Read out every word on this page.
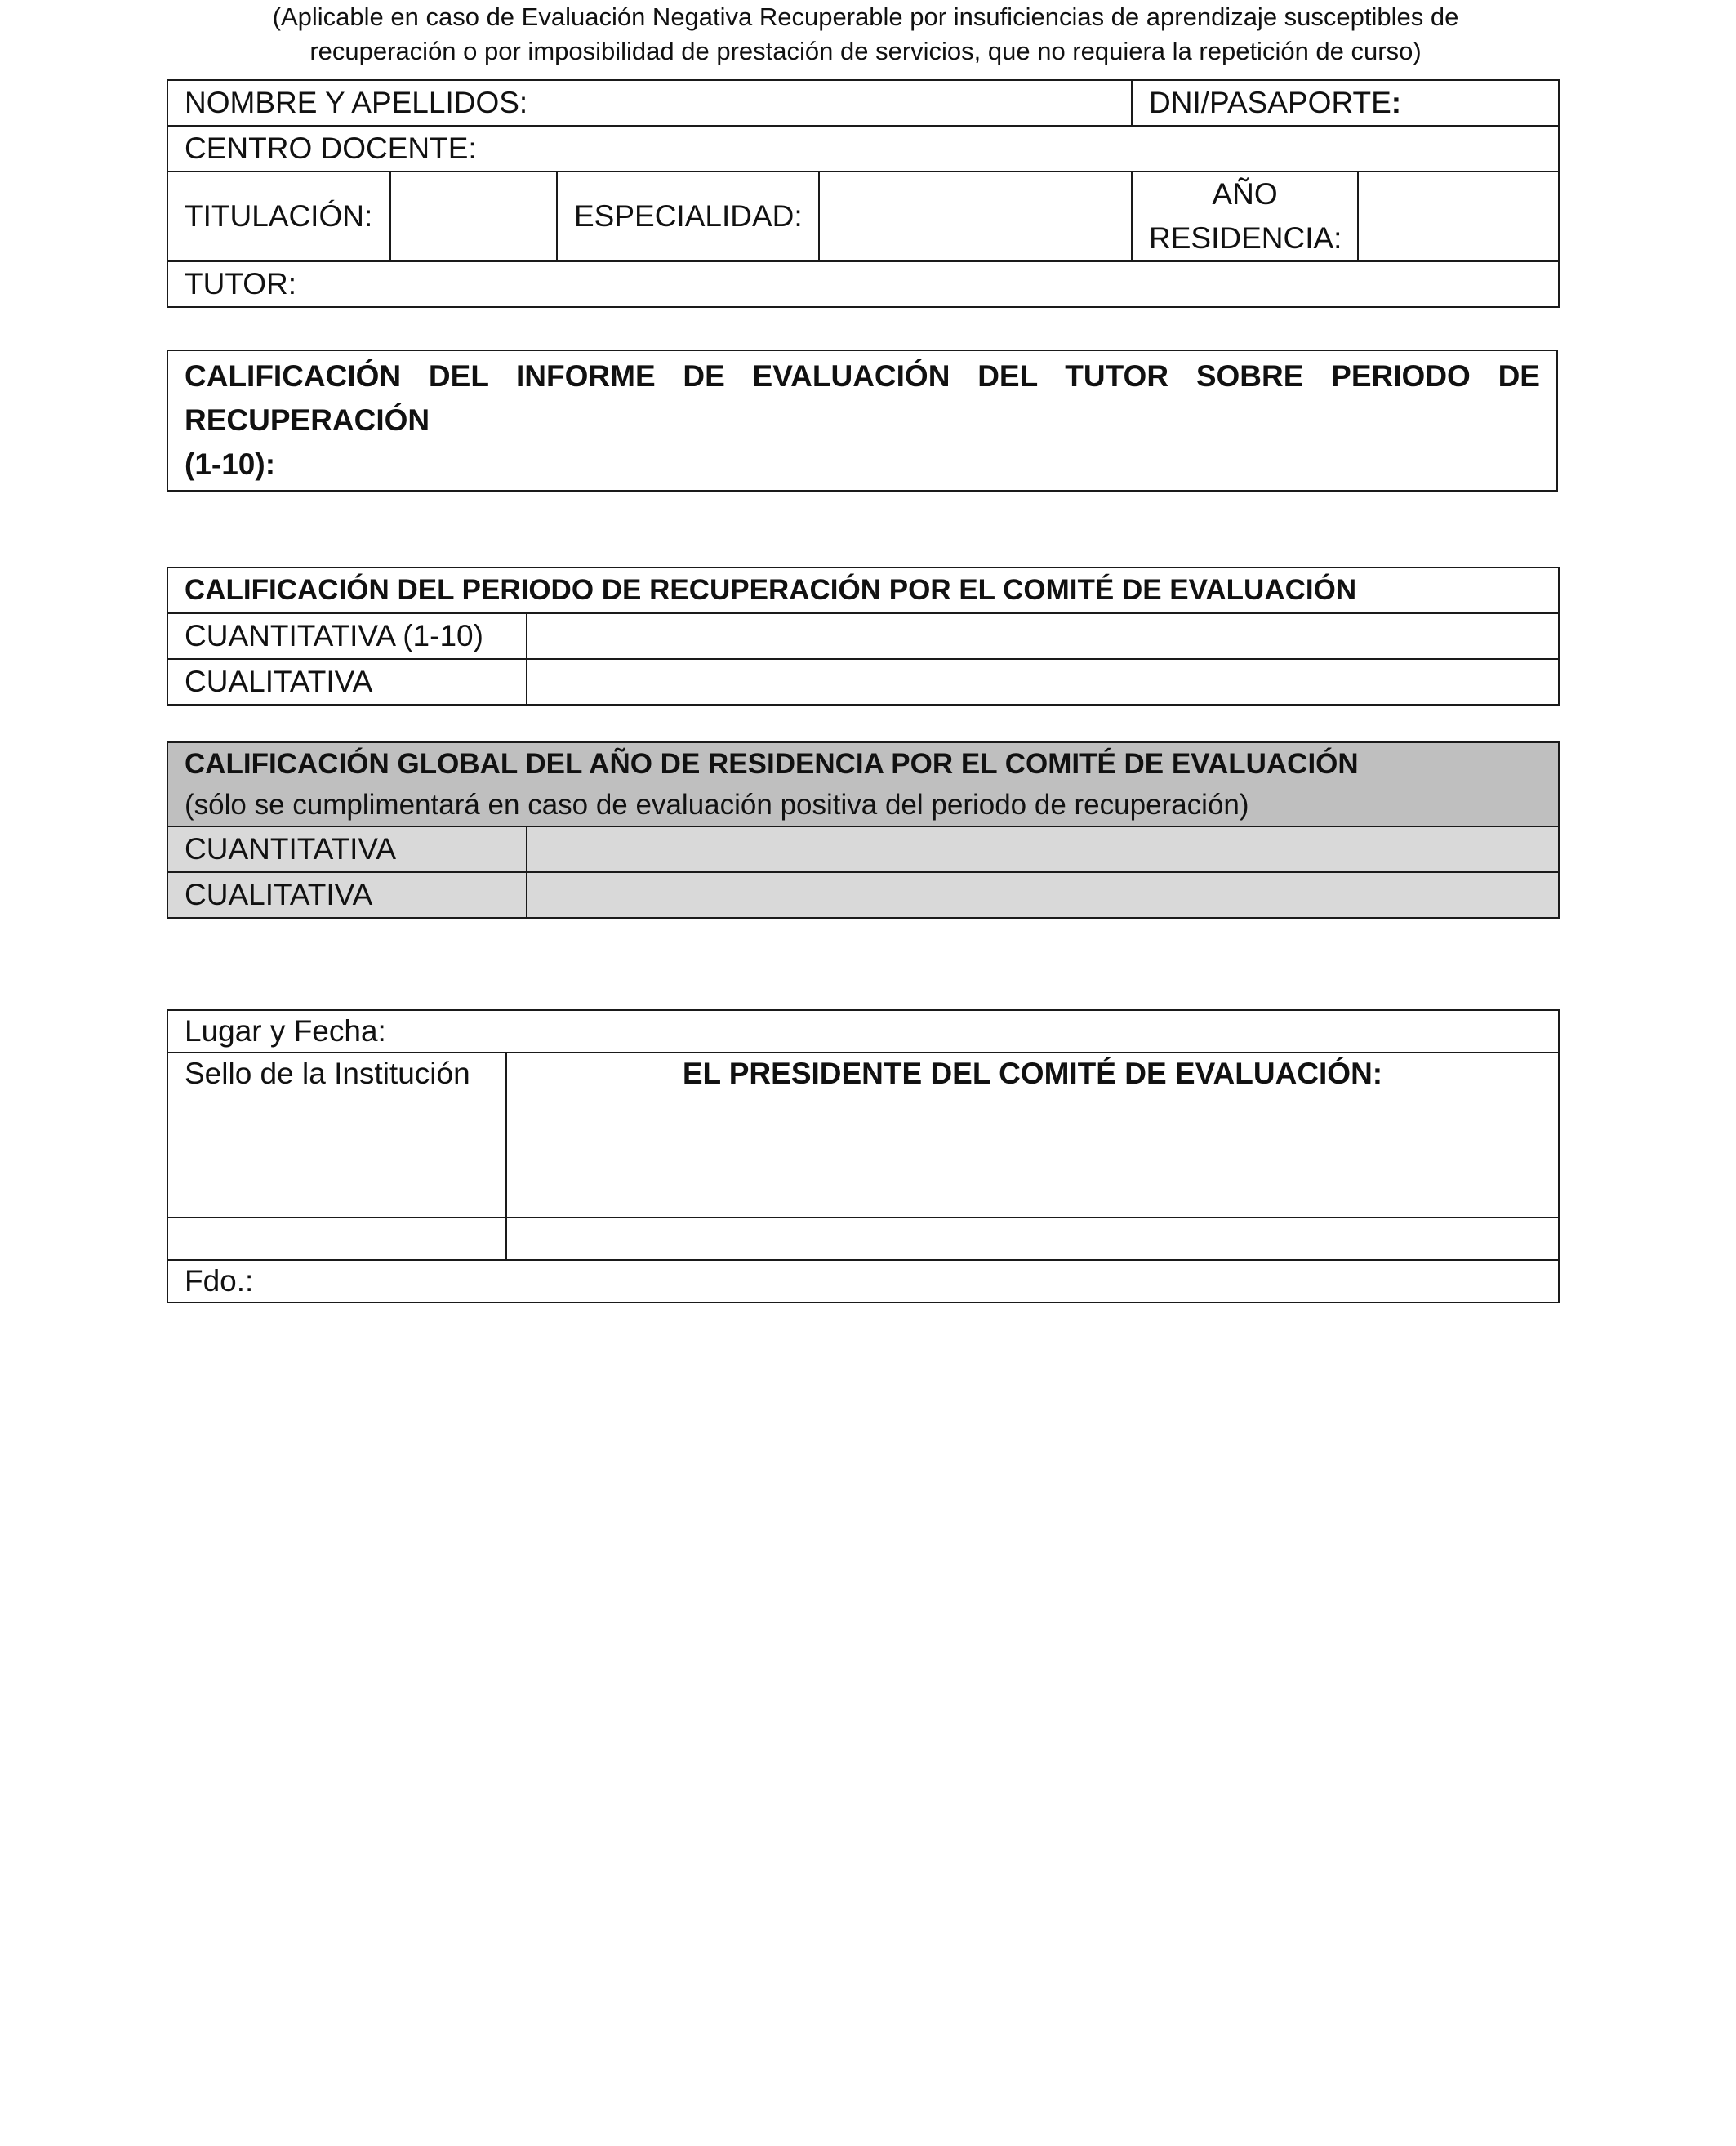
(Aplicable en caso de Evaluación Negativa Recuperable por insuficiencias de aprendizaje susceptibles de
recuperación o por imposibilidad de prestación de servicios, que no requiera la repetición de curso)
NOMBRE Y APELLIDOS:				DNI/PASAPORTE:	
CENTRO DOCENTE:					
TITULACIÓN:		ESPECIALIDAD:		AÑO RESIDENCIA:	
TUTOR:					
CALIFICACIÓN DEL INFORME DE EVALUACIÓN DEL TUTOR SOBRE PERIODO DE RECUPERACIÓN
(1-10):
CALIFICACIÓN DEL PERIODO DE RECUPERACIÓN POR EL COMITÉ DE EVALUACIÓN	
CUANTITATIVA (1-10)	
CUALITATIVA	
CALIFICACIÓN GLOBAL DEL AÑO DE RESIDENCIA POR EL COMITÉ DE EVALUACIÓN
(sólo se cumplimentará en caso de evaluación positiva del periodo de recuperación)	

CUANTITATIVA	
CUALITATIVA	
Lugar y Fecha:	
Sello de la Institución	EL PRESIDENTE DEL COMITÉ DE EVALUACIÓN:

Fdo.:	
